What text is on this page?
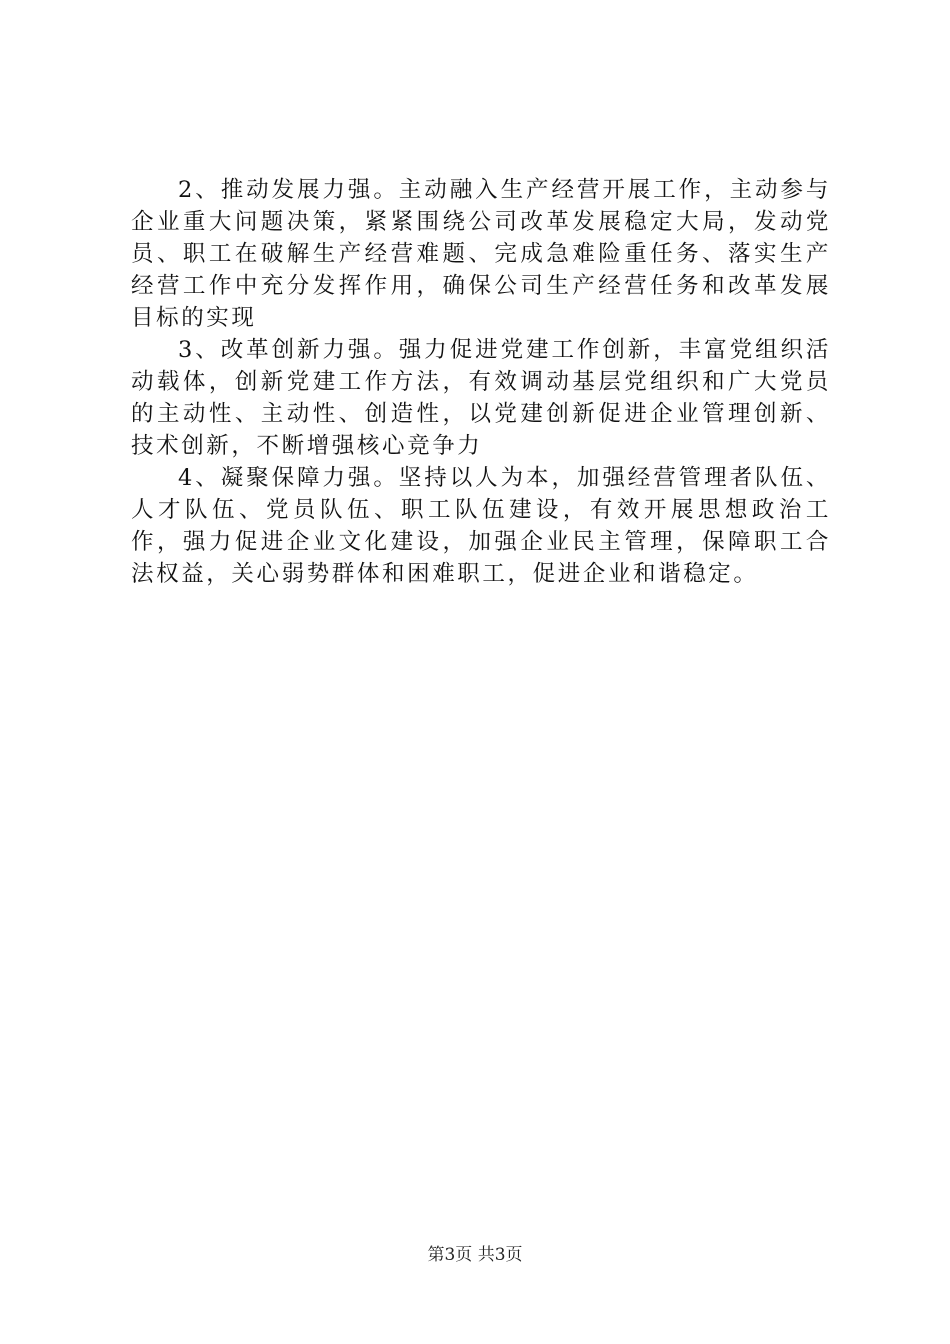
2、推动发展力强。主动融入生产经营开展工作，主动参与企业重大问题决策，紧紧围绕公司改革发展稳定大局，发动党员、职工在破解生产经营难题、完成急难险重任务、落实生产经营工作中充分发挥作用，确保公司生产经营任务和改革发展目标的实现

3、改革创新力强。强力促进党建工作创新，丰富党组织活动载体，创新党建工作方法，有效调动基层党组织和广大党员的主动性、主动性、创造性，以党建创新促进企业管理创新、技术创新，不断增强核心竞争力

4、凝聚保障力强。坚持以人为本，加强经营管理者队伍、人才队伍、党员队伍、职工队伍建设，有效开展思想政治工作，强力促进企业文化建设，加强企业民主管理，保障职工合法权益，关心弱势群体和困难职工，促进企业和谐稳定。

第3页 共3页
